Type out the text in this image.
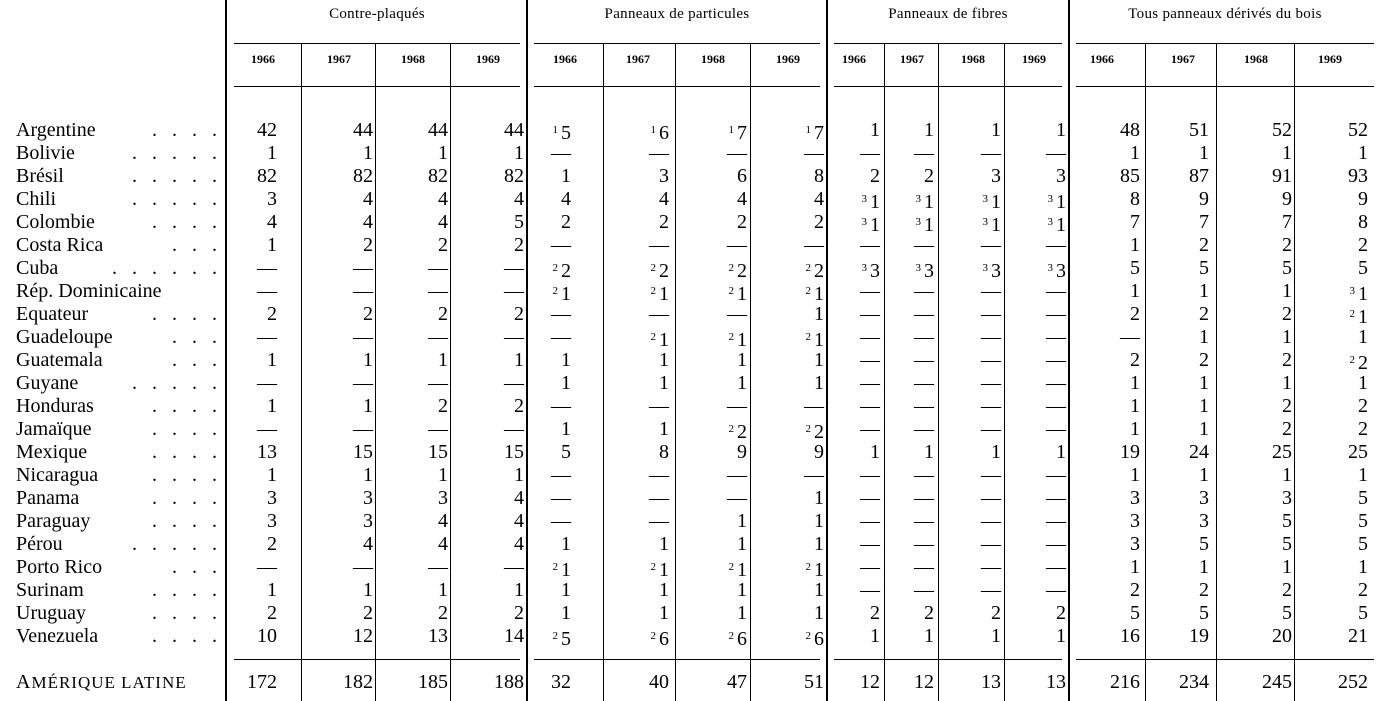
Contre-plaqués	Panneaux de particules	Panneaux de fibres	Tous panneaux dérivés du bois
1966	1967	1968	1969	1966	1967	1968	1969	1966	1967	1968	1969	1966	1967	1968	1969
Argentine	. . . .	42	44	44	44	$^1$ 5	$^1$ 6	$^1$ 7	$^1$ 7	1	1	1	1	48	51	52	52
Bolivie	. . . . .	1	1	1	1	—	—	—	—	—	—	—	—	1	1	1	1
Brésil	. . . . .	82	82	82	82	1	3	6	8	2	2	3	3	85	87	91	93
Chili	. . . . .	3	4	4	4	4	4	4	4	$^3$ 1	$^3$ 1	$^3$ 1	$^3$ 1	8	9	9	9
Colombie	. . . .	4	4	4	5	2	2	2	2	$^3$ 1	$^3$ 1	$^3$ 1	$^3$ 1	7	7	7	8
Costa Rica	. . .	1	2	2	2	—	—	—	—	—	—	—	—	1	2	2	2
Cuba	. . . . . .	—	—	—	—	$^2$ 2	$^2$ 2	$^2$ 2	$^2$ 2	$^3$ 3	$^3$ 3	$^3$ 3	$^3$ 3	5	5	5	5
Rép. Dominicaine	—	—	—	—	$^2$ 1	$^2$ 1	$^2$ 1	$^2$ 1	—	—	—	—	1	1	1	$^3$ 1
Equateur	. . . .	2	2	2	2	—	—	—	1	—	—	—	—	2	2	2	$^2$ 1
Guadeloupe	. . .	—	—	—	—	—	$^2$ 1	$^2$ 1	$^2$ 1	—	—	—	—	—	1	1	1
Guatemala	. . .	1	1	1	1	1	1	1	1	—	—	—	—	2	2	2	$^2$ 2
Guyane	. . . . .	—	—	—	—	1	1	1	1	—	—	—	—	1	1	1	1
Honduras	. . . .	1	1	2	2	—	—	—	—	—	—	—	—	1	1	2	2
Jamaïque	. . . .	—	—	—	—	1	1	$^2$ 2	$^2$ 2	—	—	—	—	1	1	2	2
Mexique	. . . .	13	15	15	15	5	8	9	9	1	1	1	1	19	24	25	25
Nicaragua	. . . .	1	1	1	1	—	—	—	—	—	—	—	—	1	1	1	1
Panama	. . . .	3	3	3	4	—	—	—	1	—	—	—	—	3	3	3	5
Paraguay	. . . .	3	3	4	4	—	—	1	1	—	—	—	—	3	3	5	5
Pérou	. . . . .	2	4	4	4	1	1	1	1	—	—	—	—	3	5	5	5
Porto Rico	. . .	—	—	—	—	$^2$ 1	$^2$ 1	$^2$ 1	$^2$ 1	—	—	—	—	1	1	1	1
Surinam	. . . .	1	1	1	1	1	1	1	1	—	—	—	—	2	2	2	2
Uruguay	. . . .	2	2	2	2	1	1	1	1	2	2	2	2	5	5	5	5
Venezuela	. . . .	10	12	13	14	$^2$ 5	$^2$ 6	$^2$ 6	$^2$ 6	1	1	1	1	16	19	20	21
AMÉRIQUE LATINE	172	182	185	188	32	40	47	51	12	12	13	13	216	234	245	252
